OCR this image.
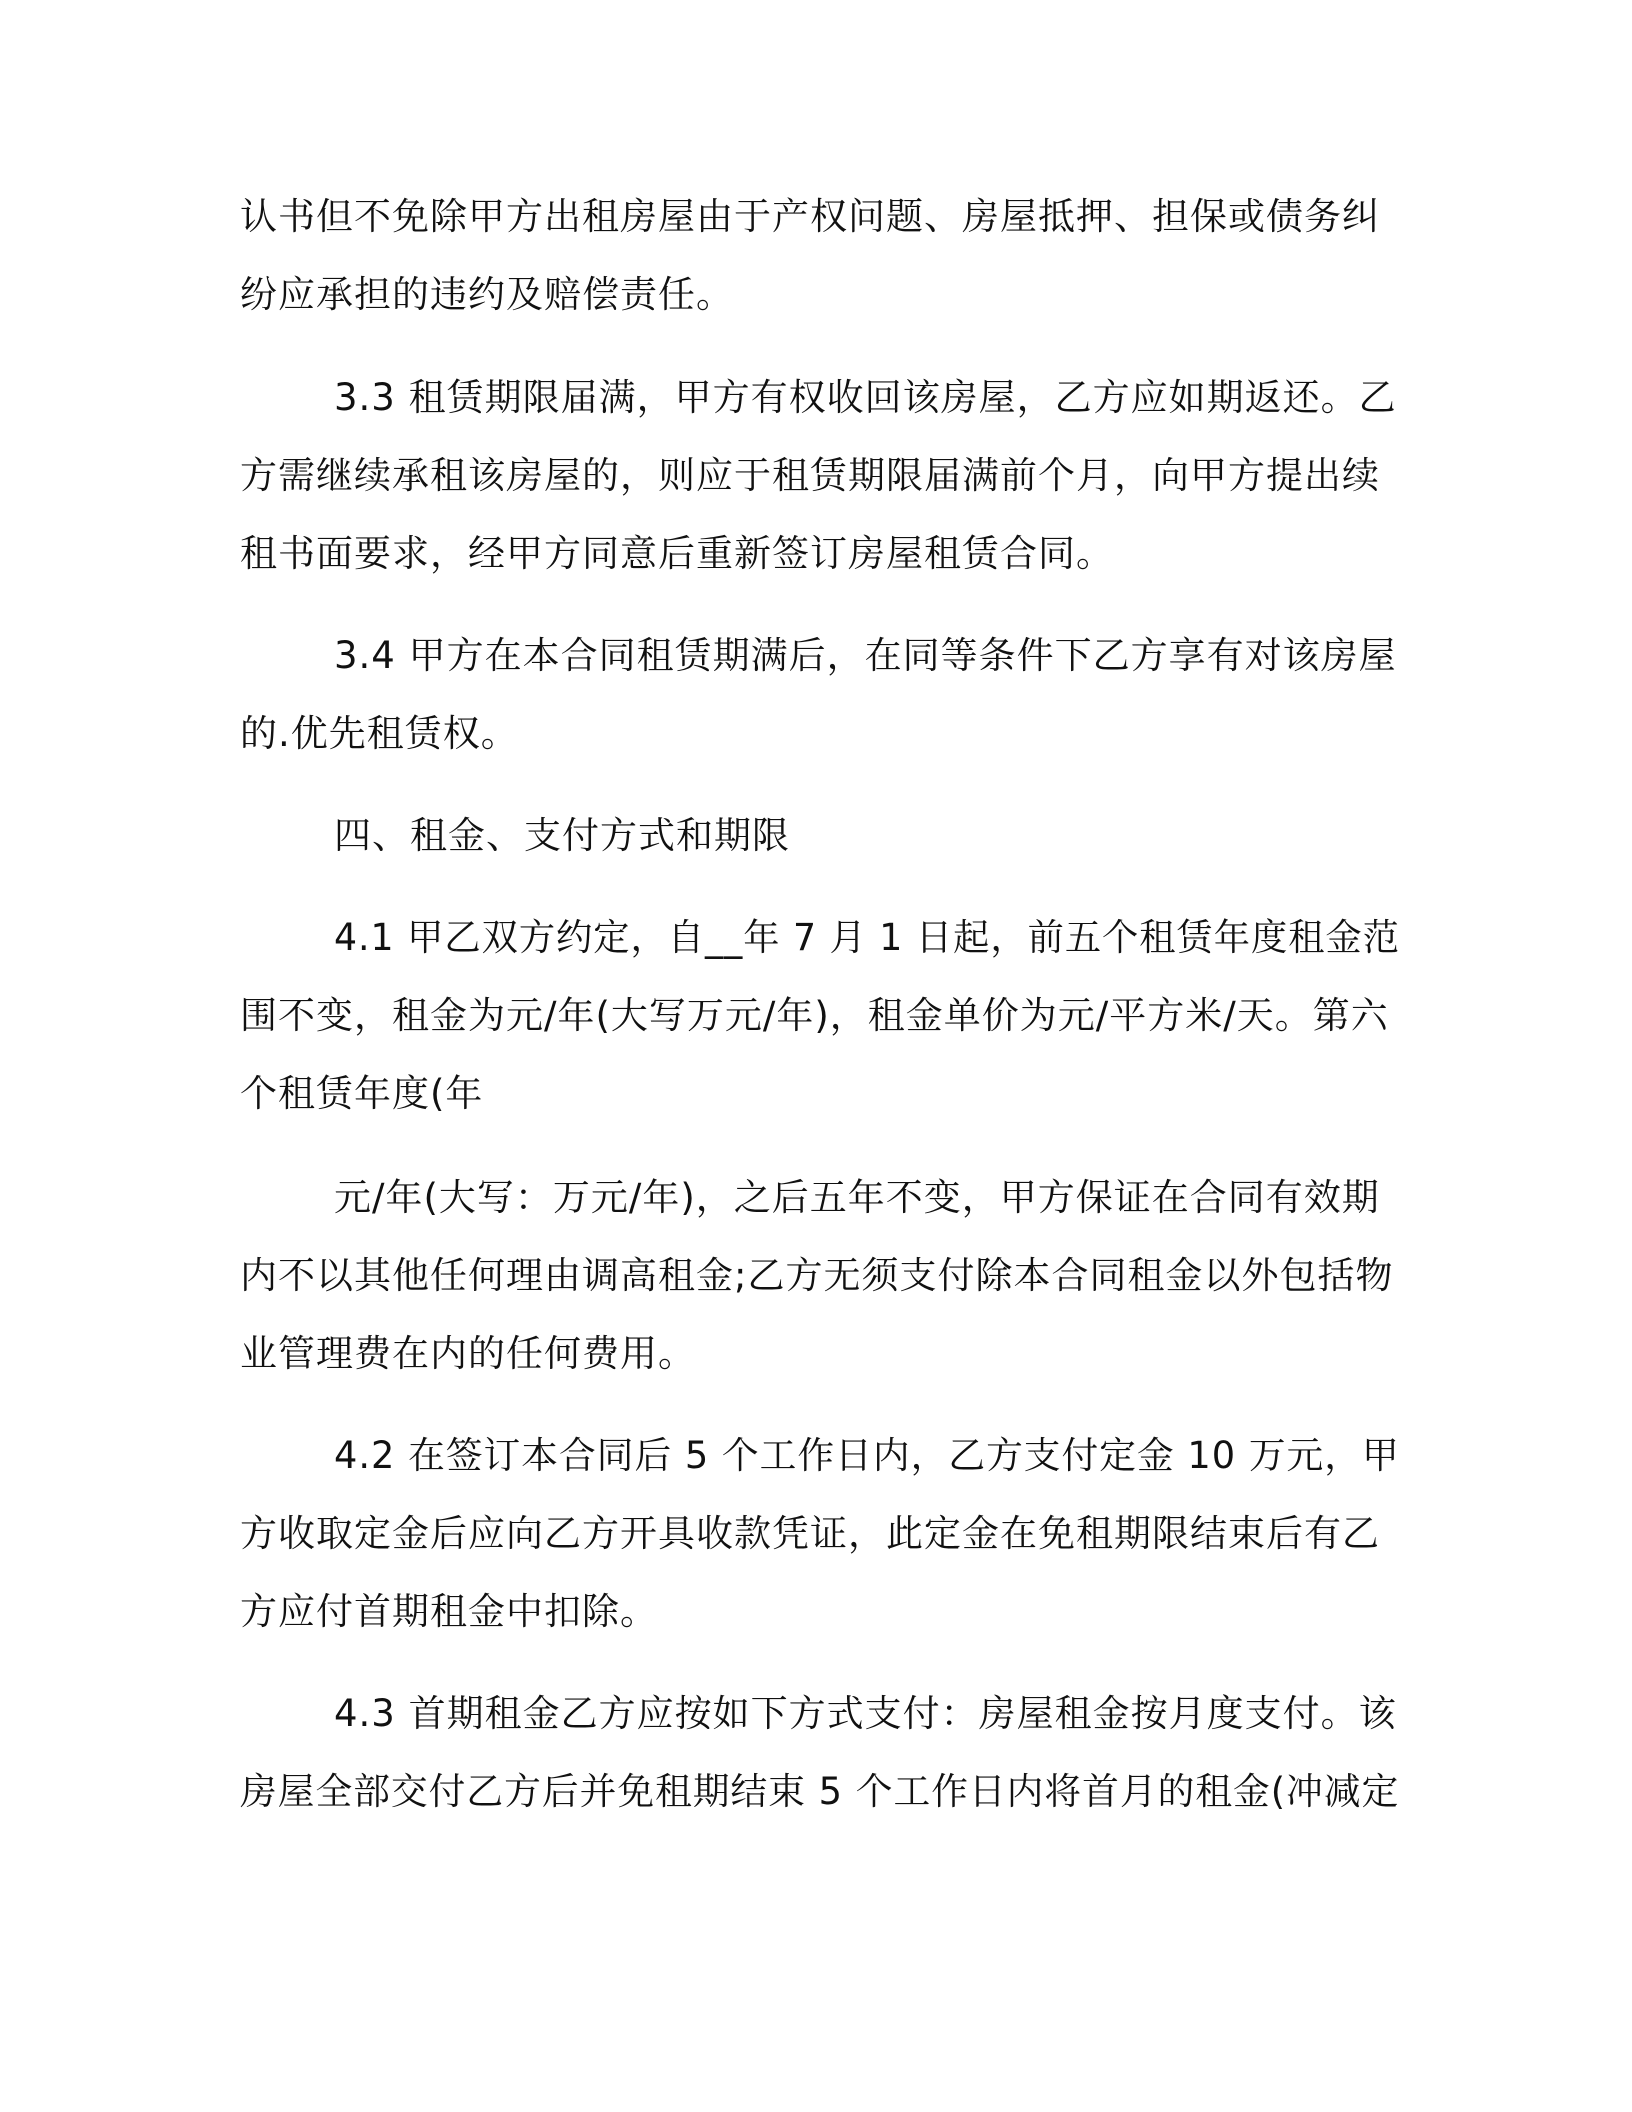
认书但不免除甲方出租房屋由于产权问题、房屋抵押、担保或债务纠
纷应承担的违约及赔偿责任。
3.3 租赁期限届满，甲方有权收回该房屋，乙方应如期返还。乙
方需继续承租该房屋的，则应于租赁期限届满前个月，向甲方提出续
租书面要求，经甲方同意后重新签订房屋租赁合同。
3.4 甲方在本合同租赁期满后，在同等条件下乙方享有对该房屋
的.优先租赁权。
四、租金、支付方式和期限
4.1 甲乙双方约定，自__年 7 月 1 日起，前五个租赁年度租金范
围不变，租金为元/年(大写万元/年)，租金单价为元/平方米/天。第六
个租赁年度(年
元/年(大写：万元/年)，之后五年不变，甲方保证在合同有效期
内不以其他任何理由调高租金;乙方无须支付除本合同租金以外包括物
业管理费在内的任何费用。
4.2 在签订本合同后 5 个工作日内，乙方支付定金 10 万元，甲
方收取定金后应向乙方开具收款凭证，此定金在免租期限结束后有乙
方应付首期租金中扣除。
4.3 首期租金乙方应按如下方式支付：房屋租金按月度支付。该
房屋全部交付乙方后并免租期结束 5 个工作日内将首月的租金(冲减定
